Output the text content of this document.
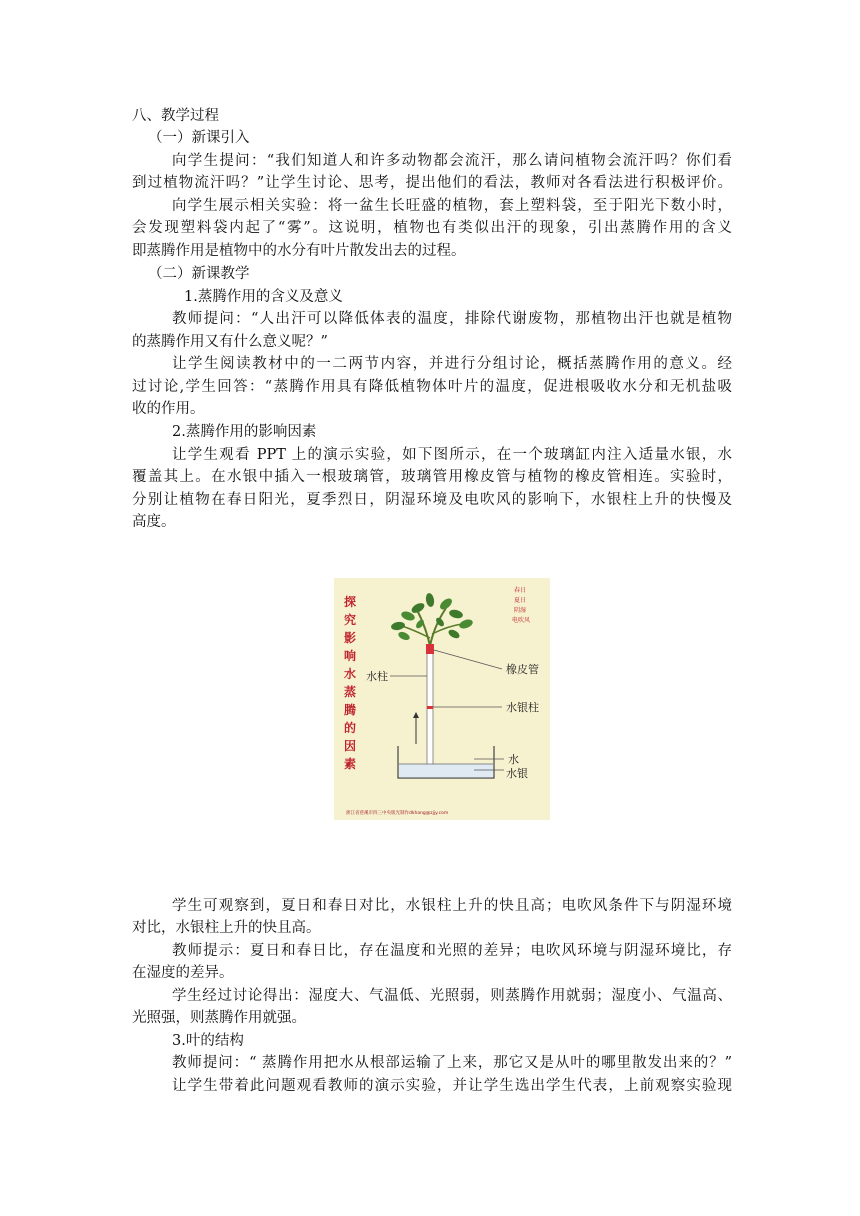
八、教学过程
（一）新课引入
向学生提问：“我们知道人和许多动物都会流汗，那么请问植物会流汗吗？你们看
到过植物流汗吗？”让学生讨论、思考，提出他们的看法，教师对各看法进行积极评价。
向学生展示相关实验：将一盆生长旺盛的植物，套上塑料袋，至于阳光下数小时，
会发现塑料袋内起了“雾”。这说明，植物也有类似出汗的现象，引出蒸腾作用的含义
即蒸腾作用是植物中的水分有叶片散发出去的过程。
（二）新课教学
1.蒸腾作用的含义及意义
教师提问：“人出汗可以降低体表的温度，排除代谢废物，那植物出汗也就是植物
的蒸腾作用又有什么意义呢？”
让学生阅读教材中的一二两节内容，并进行分组讨论，概括蒸腾作用的意义。经
过讨论,学生回答：“蒸腾作用具有降低植物体叶片的温度，促进根吸收水分和无机盐吸
收的作用。
2.蒸腾作用的影响因素
让学生观看 PPT 上的演示实验，如下图所示，在一个玻璃缸内注入适量水银，水
覆盖其上。在水银中插入一根玻璃管，玻璃管用橡皮管与植物的橡皮管相连。实验时，
分别让植物在春日阳光，夏季烈日，阴湿环境及电吹风的影响下，水银柱上升的快慢及
高度。
探
究
影
响
水
蒸
腾
的
因
素
春日
夏日
阴湿
电吹风
水柱
橡皮管
水银柱
水
水银
浙江省慈溪市四三中央版光制作dkhang@zjjy.com
学生可观察到，夏日和春日对比，水银柱上升的快且高；电吹风条件下与阴湿环境
对比，水银柱上升的快且高。
教师提示：夏日和春日比，存在温度和光照的差异；电吹风环境与阴湿环境比，存
在湿度的差异。
学生经过讨论得出：湿度大、气温低、光照弱，则蒸腾作用就弱；湿度小、气温高、
光照强，则蒸腾作用就强。
3.叶的结构
教师提问：“ 蒸腾作用把水从根部运输了上来，那它又是从叶的哪里散发出来的？”
让学生带着此问题观看教师的演示实验，并让学生选出学生代表，上前观察实验现
